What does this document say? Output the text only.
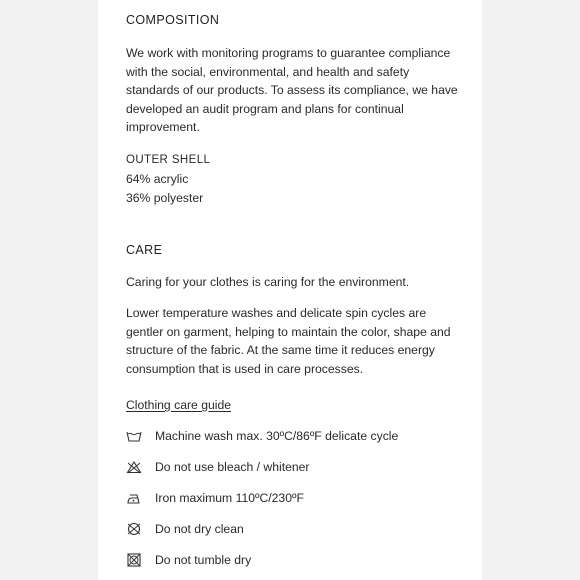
COMPOSITION
We work with monitoring programs to guarantee compliance with the social, environmental, and health and safety standards of our products. To assess its compliance, we have developed an audit program and plans for continual improvement.
OUTER SHELL
64% acrylic
36% polyester
CARE
Caring for your clothes is caring for the environment.
Lower temperature washes and delicate spin cycles are gentler on garment, helping to maintain the color, shape and structure of the fabric. At the same time it reduces energy consumption that is used in care processes.
Clothing care guide
Machine wash max. 30ºC/86ºF delicate cycle
Do not use bleach / whitener
Iron maximum 110ºC/230ºF
Do not dry clean
Do not tumble dry
